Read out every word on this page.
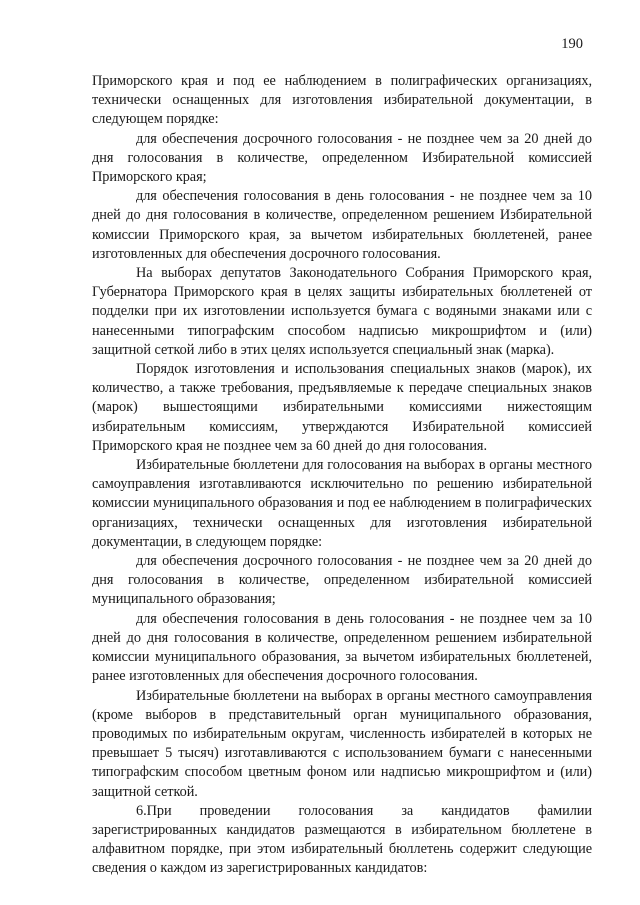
190

Приморского края и под ее наблюдением в полиграфических организациях, технически оснащенных для изготовления избирательной документации, в следующем порядке:

для обеспечения досрочного голосования - не позднее чем за 20 дней до дня голосования в количестве, определенном Избирательной комиссией Приморского края;

для обеспечения голосования в день голосования - не позднее чем за 10 дней до дня голосования в количестве, определенном решением Избирательной комиссии Приморского края, за вычетом избирательных бюллетеней, ранее изготовленных для обеспечения досрочного голосования.

На выборах депутатов Законодательного Собрания Приморского края, Губернатора Приморского края в целях защиты избирательных бюллетеней от подделки при их изготовлении используется бумага с водяными знаками или с нанесенными типографским способом надписью микрошрифтом и (или) защитной сеткой либо в этих целях используется специальный знак (марка).

Порядок изготовления и использования специальных знаков (марок), их количество, а также требования, предъявляемые к передаче специальных знаков (марок) вышестоящими избирательными комиссиями нижестоящим избирательным комиссиям, утверждаются Избирательной комиссией Приморского края не позднее чем за 60 дней до дня голосования.

Избирательные бюллетени для голосования на выборах в органы местного самоуправления изготавливаются исключительно по решению избирательной комиссии муниципального образования и под ее наблюдением в полиграфических организациях, технически оснащенных для изготовления избирательной документации, в следующем порядке:

для обеспечения досрочного голосования - не позднее чем за 20 дней до дня голосования в количестве, определенном избирательной комиссией муниципального образования;

для обеспечения голосования в день голосования - не позднее чем за 10 дней до дня голосования в количестве, определенном решением избирательной комиссии муниципального образования, за вычетом избирательных бюллетеней, ранее изготовленных для обеспечения досрочного голосования.

Избирательные бюллетени на выборах в органы местного самоуправления (кроме выборов в представительный орган муниципального образования, проводимых по избирательным округам, численность избирателей в которых не превышает 5 тысяч) изготавливаются с использованием бумаги с нанесенными типографским способом цветным фоном или надписью микрошрифтом и (или) защитной сеткой.

6.При проведении голосования за кандидатов фамилии зарегистрированных кандидатов размещаются в избирательном бюллетене в алфавитном порядке, при этом избирательный бюллетень содержит следующие сведения о каждом из зарегистрированных кандидатов:
